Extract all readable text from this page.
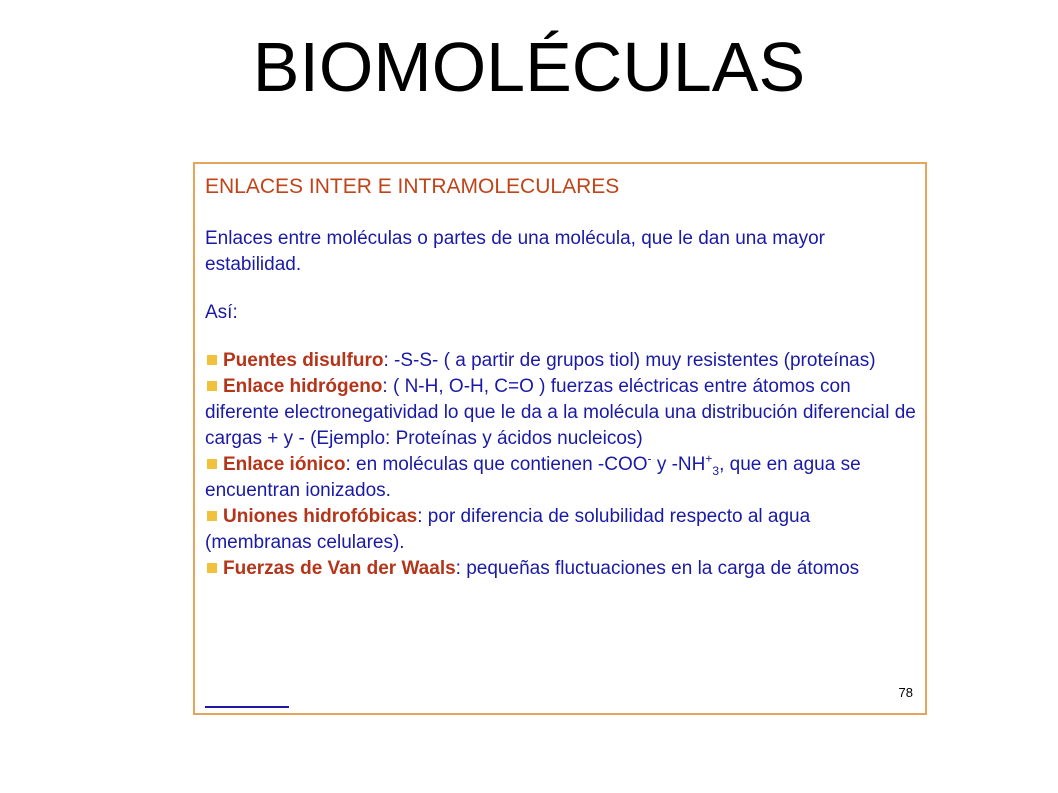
BIOMOLÉCULAS

ENLACES INTER E INTRAMOLECULARES

Enlaces entre moléculas o partes de una molécula, que le dan una mayor estabilidad.

Así:

Puentes disulfuro: -S-S- ( a partir de grupos tiol) muy resistentes (proteínas)

Enlace hidrógeno: ( N-H, O-H, C=O ) fuerzas eléctricas entre átomos con diferente electronegatividad lo que le da a la molécula una distribución diferencial de cargas + y - (Ejemplo: Proteínas y ácidos nucleicos)

Enlace iónico: en moléculas que contienen -COO- y $-NH^+_3$, que en agua se encuentran ionizados.

Uniones hidrofóbicas: por diferencia de solubilidad respecto al agua (membranas celulares).

Fuerzas de Van der Waals: pequeñas fluctuaciones en la carga de átomos

78
